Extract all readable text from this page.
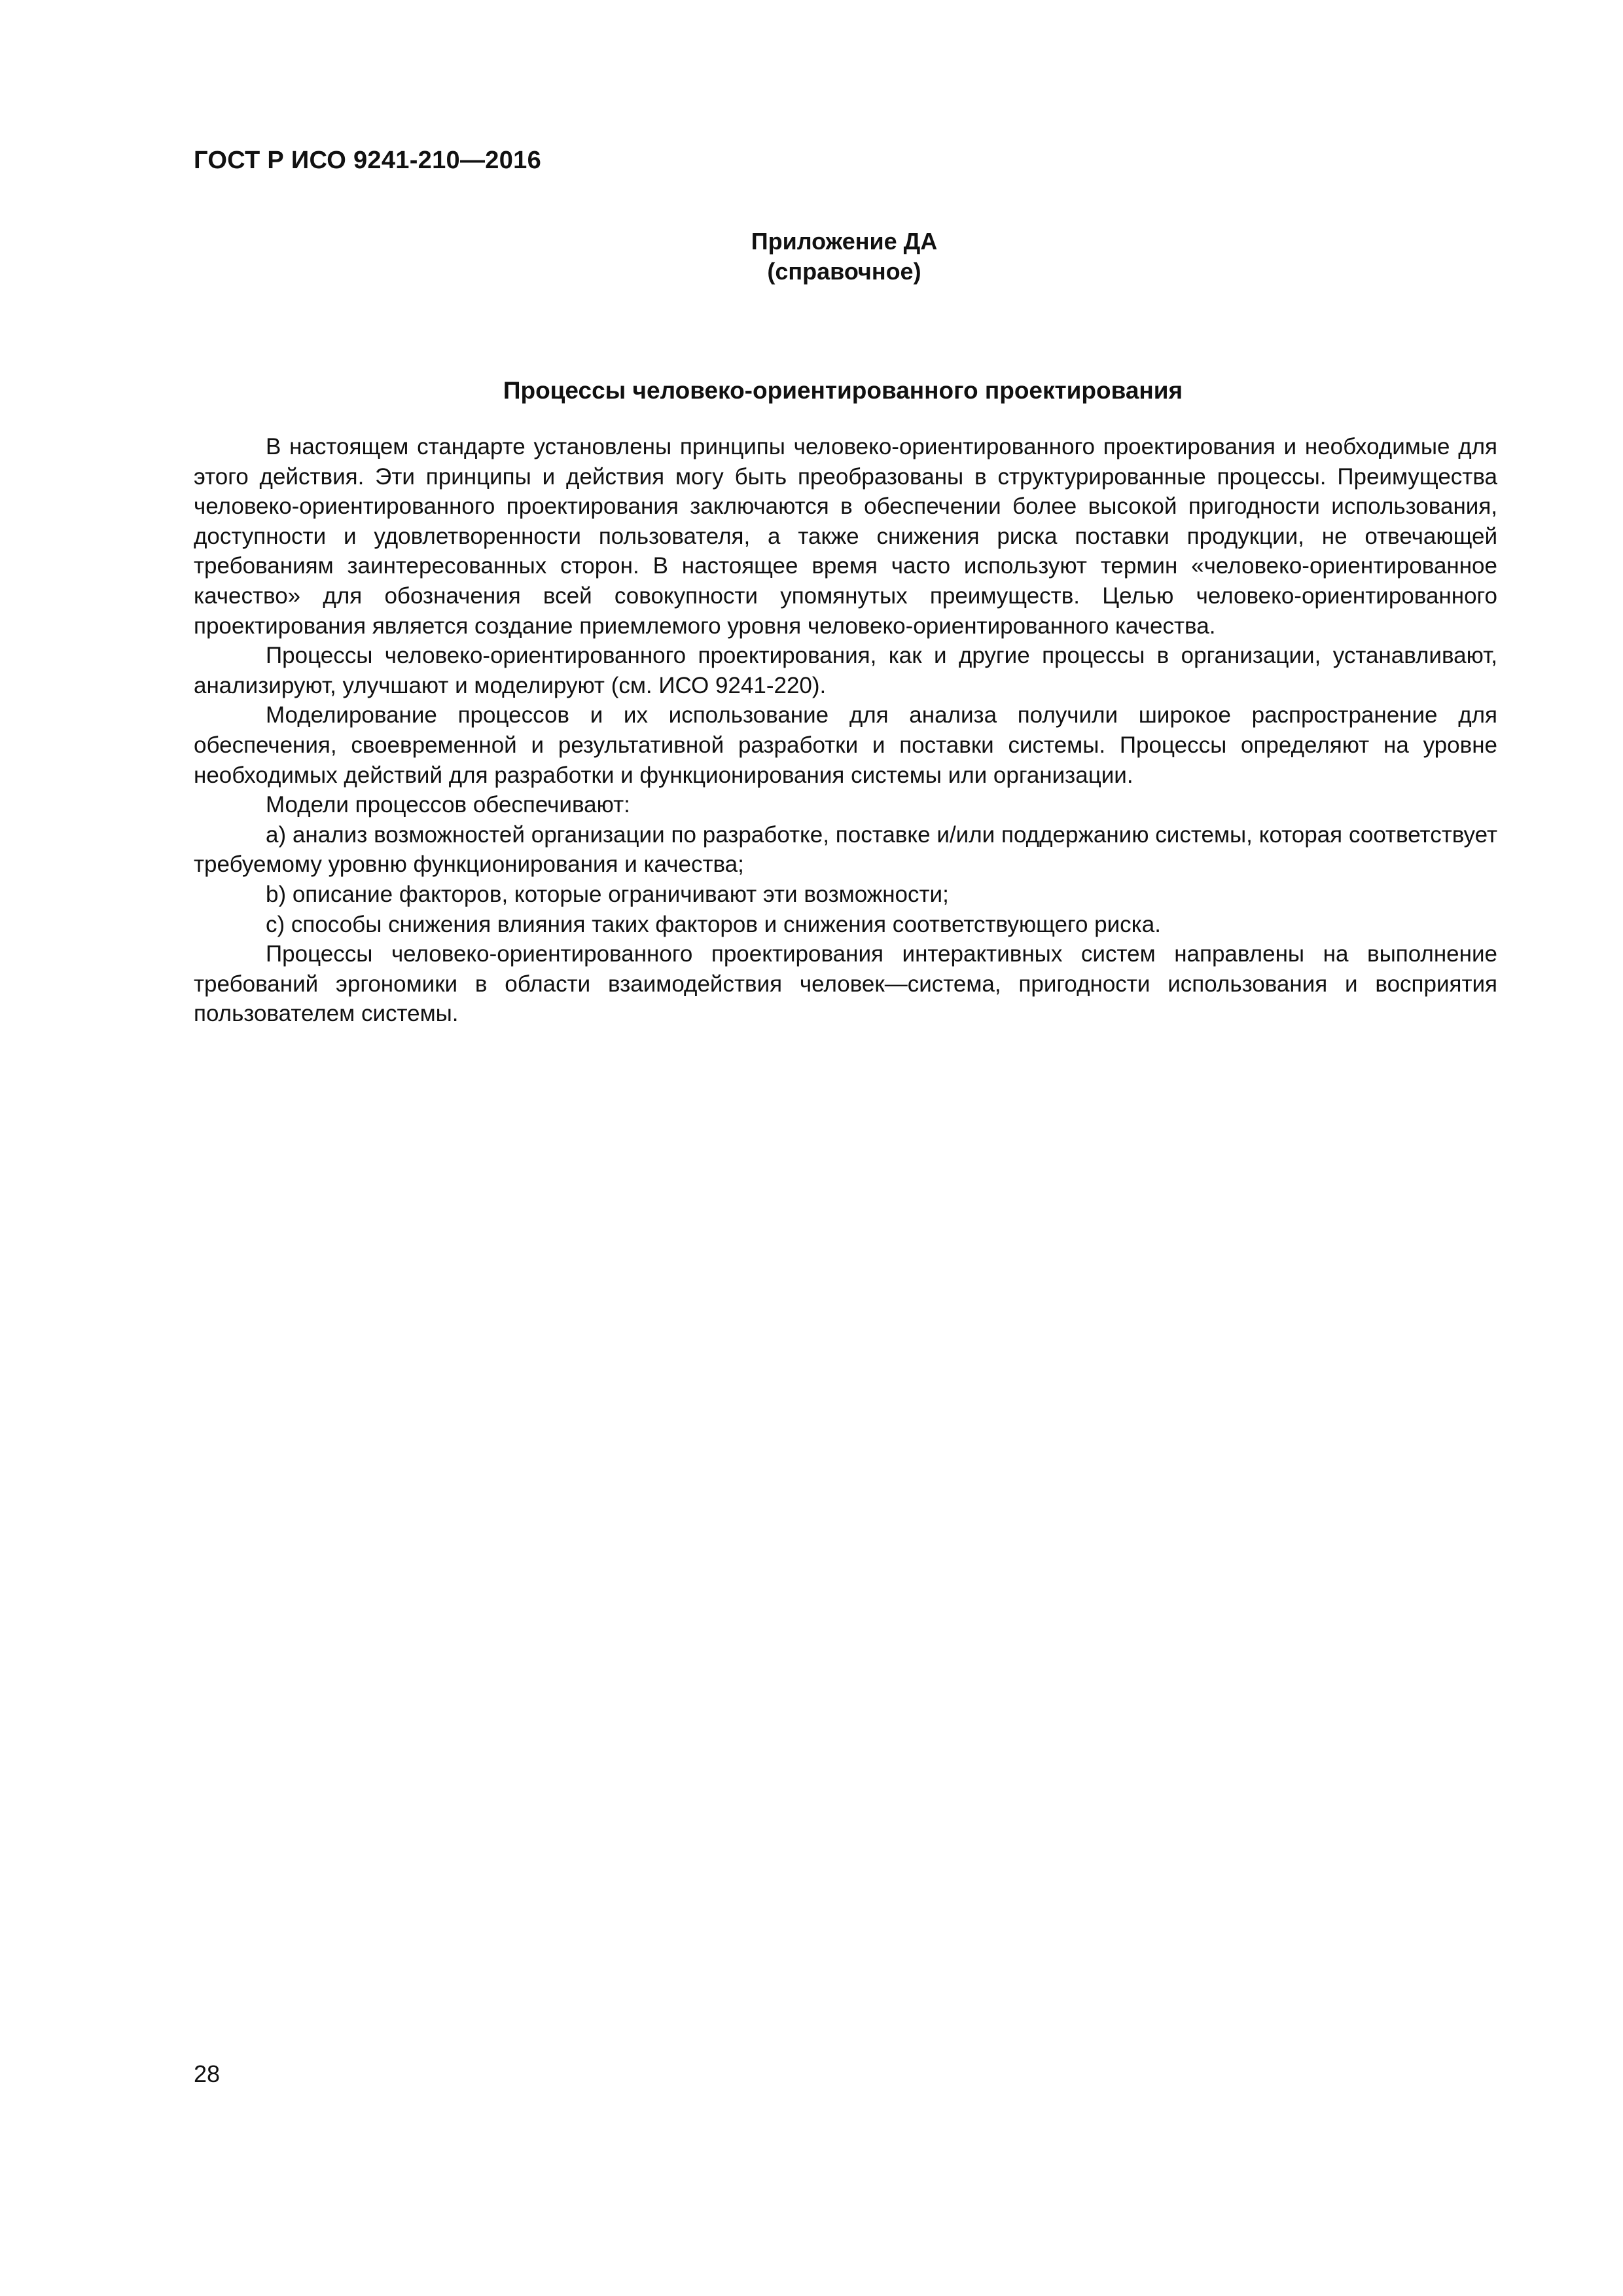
ГОСТ Р ИСО 9241-210—2016
Приложение ДА
(справочное)
Процессы человеко-ориентированного проектирования

В настоящем стандарте установлены принципы человеко-ориентированного проектирования и необходимые для этого действия. Эти принципы и действия могу быть преобразованы в структурированные процессы. Преимущества человеко-ориентированного проектирования заключаются в обеспечении более высокой пригодности использования, доступности и удовлетворенности пользователя, а также снижения риска поставки продукции, не отвечающей требованиям заинтересованных сторон. В настоящее время часто используют термин «человеко-ориентированное качество» для обозначения всей совокупности упомянутых преимуществ. Целью человеко-ориентированного проектирования является создание приемлемого уровня человеко-ориентированного качества.

Процессы человеко-ориентированного проектирования, как и другие процессы в организации, устанавливают, анализируют, улучшают и моделируют (см. ИСО 9241-220).

Моделирование процессов и их использование для анализа получили широкое распространение для обеспечения, своевременной и результативной разработки и поставки системы. Процессы определяют на уровне необходимых действий для разработки и функционирования системы или организации.

Модели процессов обеспечивают:

а) анализ возможностей организации по разработке, поставке и/или поддержанию системы, которая соответствует требуемому уровню функционирования и качества;

b) описание факторов, которые ограничивают эти возможности;

c) способы снижения влияния таких факторов и снижения соответствующего риска.

Процессы человеко-ориентированного проектирования интерактивных систем направлены на выполнение требований эргономики в области взаимодействия человек—система, пригодности использования и восприятия пользователем системы.

28
